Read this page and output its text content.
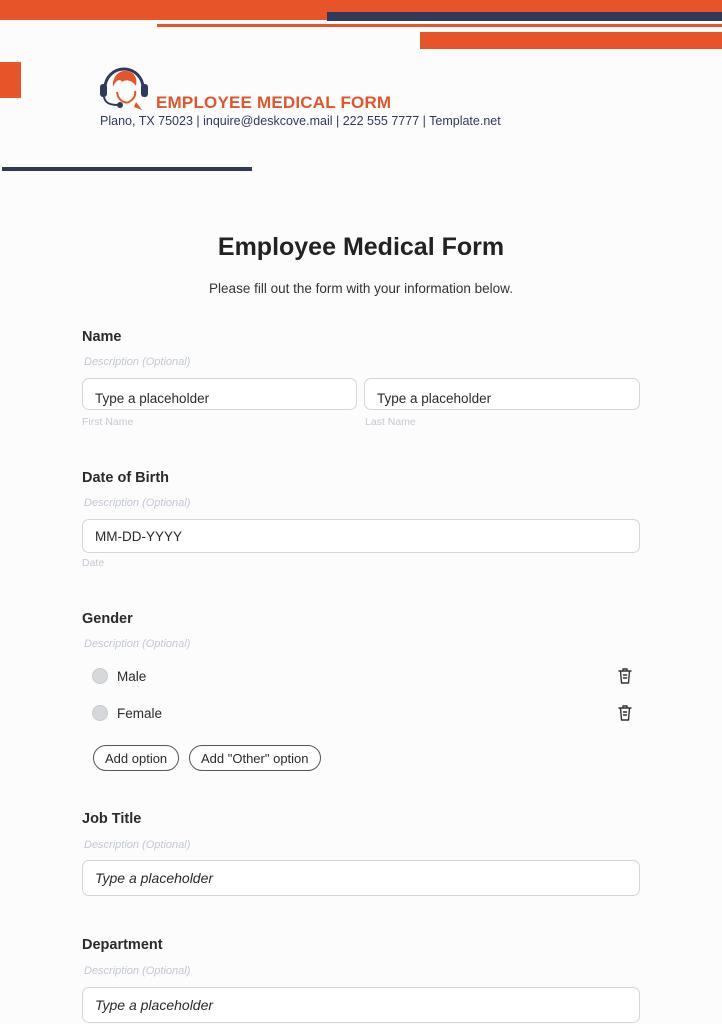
EMPLOYEE MEDICAL FORM
Plano, TX 75023 | inquire@deskcove.mail | 222 555 7777 | Template.net
Employee Medical Form
Please fill out the form with your information below.
Name
Description (Optional)
Type a placeholder
Type a placeholder
First Name	Last Name
Date of Birth
Description (Optional)
MM-DD-YYYY
Date
Gender
Description (Optional)
Male
Female
Add option	Add "Other" option
Job Title
Description (Optional)
Type a placeholder
Department
Description (Optional)
Type a placeholder
